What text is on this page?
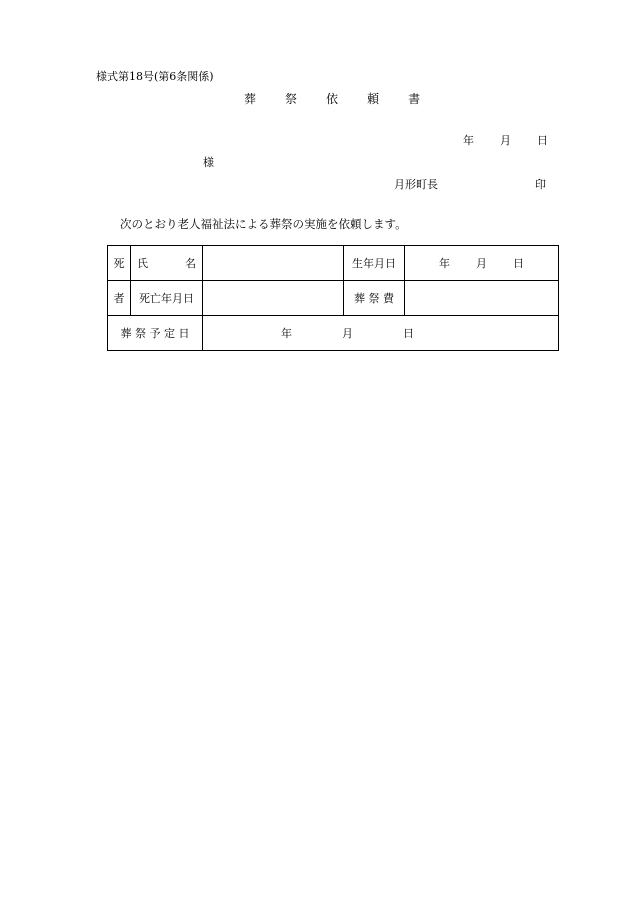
様式第18号(第6条関係)
葬 祭 依 頼 書
年 月 日
様
月形町長	印
次のとおり老人福祉法による葬祭の実施を依頼します。
死	氏 名		生年月日	年 月 日

者	死亡年月日		葬 祭 費	
葬 祭 予 定 日		年 月 日		
